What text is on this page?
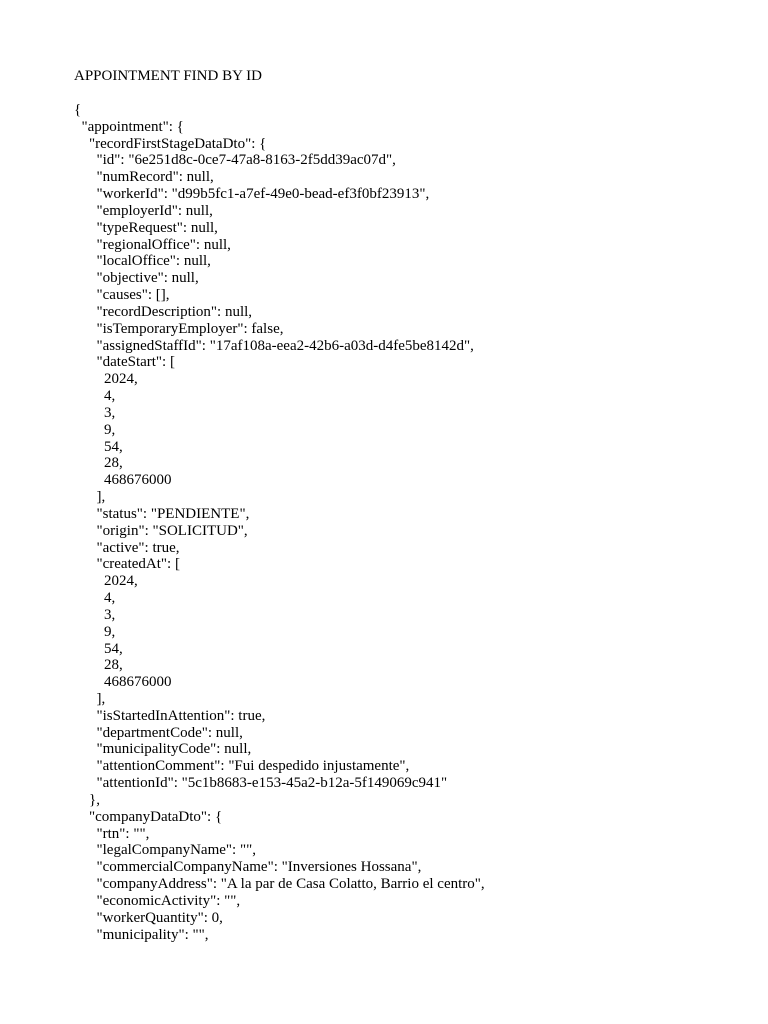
APPOINTMENT FIND BY ID
{
"appointment": {
"recordFirstStageDataDto": {
"id": "6e251d8c-0ce7-47a8-8163-2f5dd39ac07d",
"numRecord": null,
"workerId": "d99b5fc1-a7ef-49e0-bead-ef3f0bf23913",
"employerId": null,
"typeRequest": null,
"regionalOffice": null,
"localOffice": null,
"objective": null,
"causes": [],
"recordDescription": null,
"isTemporaryEmployer": false,
"assignedStaffId": "17af108a-eea2-42b6-a03d-d4fe5be8142d",
"dateStart": [
2024,
4,
3,
9,
54,
28,
468676000
],
"status": "PENDIENTE",
"origin": "SOLICITUD",
"active": true,
"createdAt": [
2024,
4,
3,
9,
54,
28,
468676000
],
"isStartedInAttention": true,
"departmentCode": null,
"municipalityCode": null,
"attentionComment": "Fui despedido injustamente",
"attentionId": "5c1b8683-e153-45a2-b12a-5f149069c941"
},
"companyDataDto": {
"rtn": "",
"legalCompanyName": "",
"commercialCompanyName": "Inversiones Hossana",
"companyAddress": "A la par de Casa Colatto, Barrio el centro",
"economicActivity": "",
"workerQuantity": 0,
"municipality": "",
